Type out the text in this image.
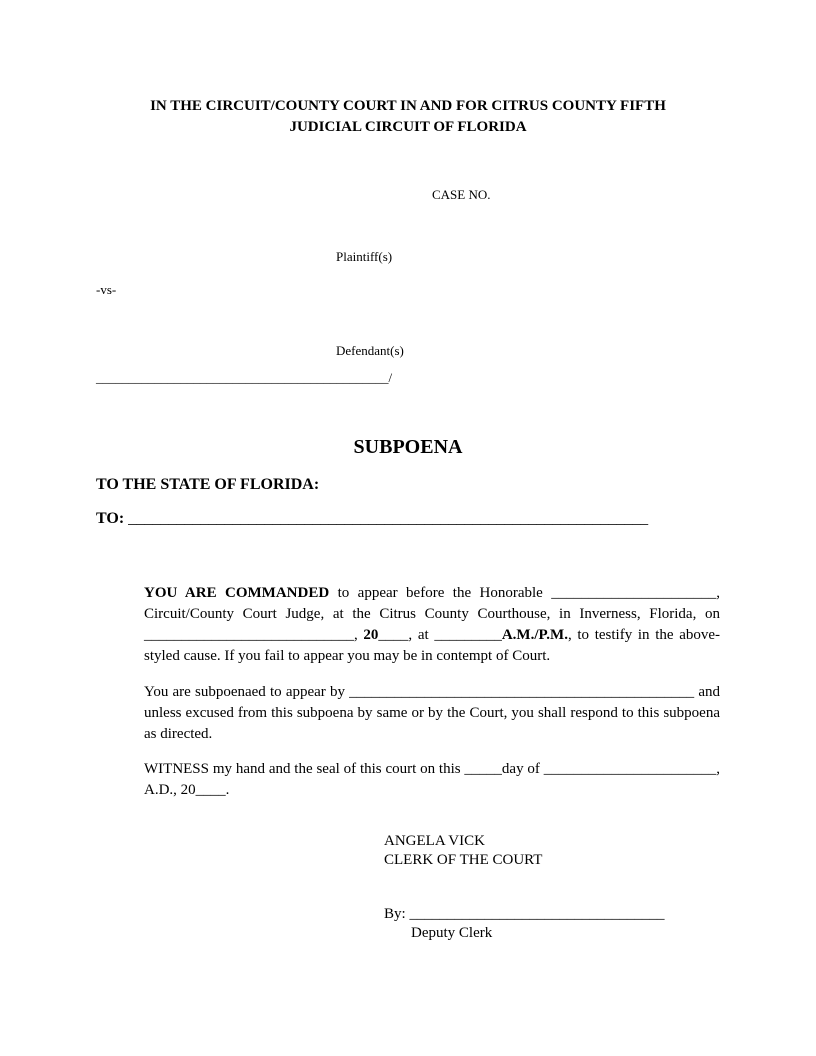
IN THE CIRCUIT/COUNTY COURT IN AND FOR CITRUS COUNTY FIFTH
JUDICIAL CIRCUIT OF FLORIDA
CASE NO.
Plaintiff(s)
-vs-
Defendant(s)
_____________________________________________/
SUBPOENA
TO THE STATE OF FLORIDA:
TO: _________________________________________________________________

YOU ARE COMMANDED to appear before the Honorable ______________________, Circuit/County Court Judge, at the Citrus County Courthouse, in Inverness, Florida, on ____________________________, 20____, at _________A.M./P.M., to testify in the above-styled cause. If you fail to appear you may be in contempt of Court.

You are subpoenaed to appear by ______________________________________________ and unless excused from this subpoena by same or by the Court, you shall respond to this subpoena as directed.

WITNESS my hand and the seal of this court on this _____day of _______________________, A.D., 20____.

ANGELA VICK
CLERK OF THE COURT
By: __________________________________
Deputy Clerk
